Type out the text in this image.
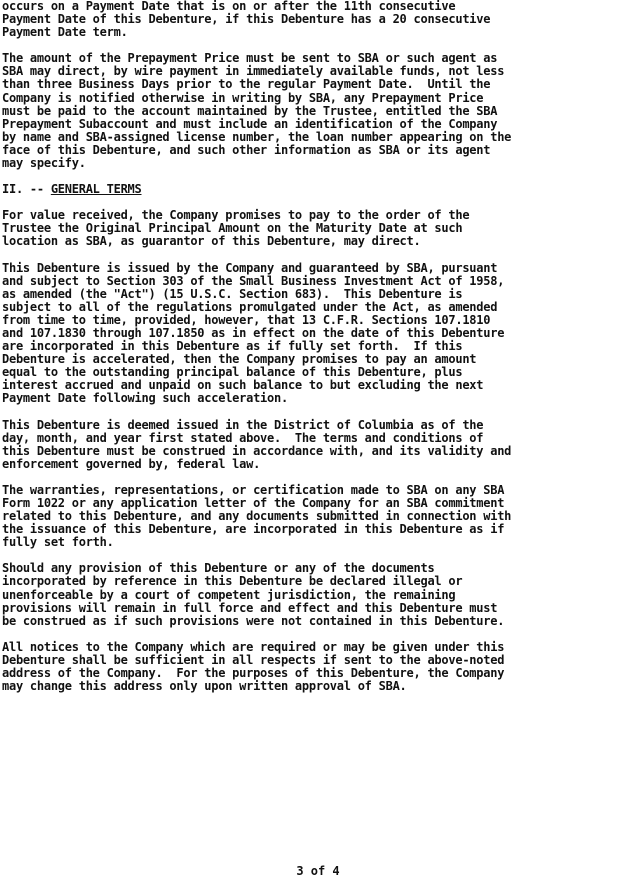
occurs on a Payment Date that is on or after the 11th consecutive
Payment Date of this Debenture, if this Debenture has a 20 consecutive
Payment Date term.

The amount of the Prepayment Price must be sent to SBA or such agent as
SBA may direct, by wire payment in immediately available funds, not less
than three Business Days prior to the regular Payment Date.  Until the
Company is notified otherwise in writing by SBA, any Prepayment Price
must be paid to the account maintained by the Trustee, entitled the SBA
Prepayment Subaccount and must include an identification of the Company
by name and SBA-assigned license number, the loan number appearing on the
face of this Debenture, and such other information as SBA or its agent
may specify.

II. -- GENERAL TERMS

For value received, the Company promises to pay to the order of the
Trustee the Original Principal Amount on the Maturity Date at such
location as SBA, as guarantor of this Debenture, may direct.

This Debenture is issued by the Company and guaranteed by SBA, pursuant
and subject to Section 303 of the Small Business Investment Act of 1958,
as amended (the "Act") (15 U.S.C. Section 683).  This Debenture is
subject to all of the regulations promulgated under the Act, as amended
from time to time, provided, however, that 13 C.F.R. Sections 107.1810
and 107.1830 through 107.1850 as in effect on the date of this Debenture
are incorporated in this Debenture as if fully set forth.  If this
Debenture is accelerated, then the Company promises to pay an amount
equal to the outstanding principal balance of this Debenture, plus
interest accrued and unpaid on such balance to but excluding the next
Payment Date following such acceleration.

This Debenture is deemed issued in the District of Columbia as of the
day, month, and year first stated above.  The terms and conditions of
this Debenture must be construed in accordance with, and its validity and
enforcement governed by, federal law.

The warranties, representations, or certification made to SBA on any SBA
Form 1022 or any application letter of the Company for an SBA commitment
related to this Debenture, and any documents submitted in connection with
the issuance of this Debenture, are incorporated in this Debenture as if
fully set forth.

Should any provision of this Debenture or any of the documents
incorporated by reference in this Debenture be declared illegal or
unenforceable by a court of competent jurisdiction, the remaining
provisions will remain in full force and effect and this Debenture must
be construed as if such provisions were not contained in this Debenture.

All notices to the Company which are required or may be given under this
Debenture shall be sufficient in all respects if sent to the above-noted
address of the Company.  For the purposes of this Debenture, the Company
may change this address only upon written approval of SBA.

3 of 4
